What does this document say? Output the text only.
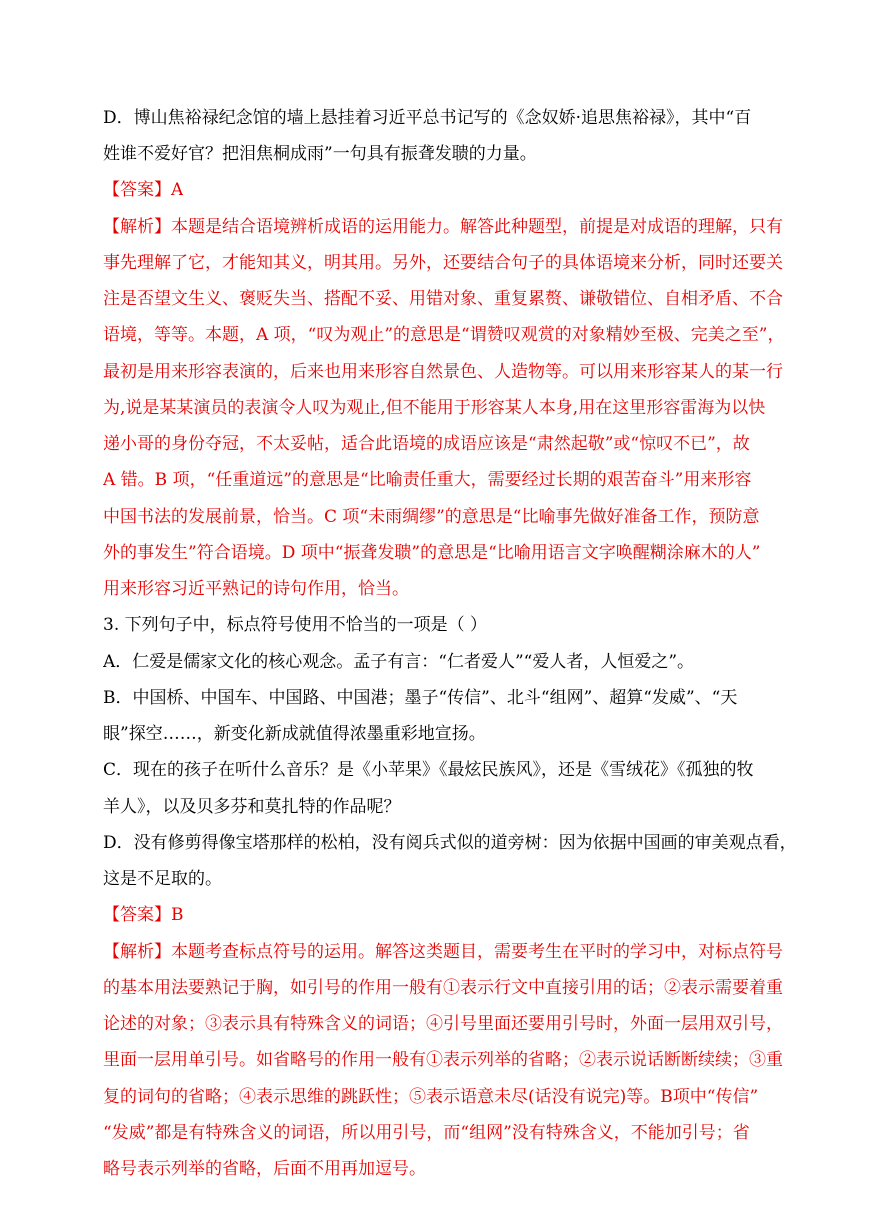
D．博山焦裕禄纪念馆的墙上悬挂着习近平总书记写的《念奴娇·追思焦裕禄》，其中“百
姓谁不爱好官？把泪焦桐成雨”一句具有振聋发聩的力量。
【答案】A
【解析】本题是结合语境辨析成语的运用能力。解答此种题型，前提是对成语的理解，只有
事先理解了它，才能知其义，明其用。另外，还要结合句子的具体语境来分析，同时还要关
注是否望文生义、褒贬失当、搭配不妥、用错对象、重复累赘、谦敬错位、自相矛盾、不合
语境，等等。本题，A 项，“叹为观止”的意思是“谓赞叹观赏的对象精妙至极、完美之至”，
最初是用来形容表演的，后来也用来形容自然景色、人造物等。可以用来形容某人的某一行
为,说是某某演员的表演令人叹为观止,但不能用于形容某人本身,用在这里形容雷海为以快
递小哥的身份夺冠，不太妥帖，适合此语境的成语应该是“肃然起敬”或“惊叹不已”，故
A 错。B 项，“任重道远”的意思是“比喻责任重大，需要经过长期的艰苦奋斗”用来形容
中国书法的发展前景，恰当。C 项“未雨绸缪”的意思是“比喻事先做好准备工作，预防意
外的事发生”符合语境。D 项中“振聋发聩”的意思是“比喻用语言文字唤醒糊涂麻木的人”
用来形容习近平熟记的诗句作用，恰当。
3. 下列句子中，标点符号使用不恰当的一项是（ ）
A．仁爱是儒家文化的核心观念。孟子有言：“仁者爱人”“爱人者，人恒爱之”。
B．中国桥、中国车、中国路、中国港；墨子“传信”、北斗“组网”、超算“发威”、“天
眼”探空……，新变化新成就值得浓墨重彩地宣扬。
C．现在的孩子在听什么音乐？是《小苹果》《最炫民族风》，还是《雪绒花》《孤独的牧
羊人》，以及贝多芬和莫扎特的作品呢？
D．没有修剪得像宝塔那样的松柏，没有阅兵式似的道旁树：因为依据中国画的审美观点看，
这是不足取的。
【答案】B
【解析】本题考查标点符号的运用。解答这类题目，需要考生在平时的学习中，对标点符号
的基本用法要熟记于胸，如引号的作用一般有①表示行文中直接引用的话；②表示需要着重
论述的对象；③表示具有特殊含义的词语；④引号里面还要用引号时，外面一层用双引号，
里面一层用单引号。如省略号的作用一般有①表示列举的省略；②表示说话断断续续；③重
复的词句的省略；④表示思维的跳跃性；⑤表示语意未尽(话没有说完)等。B项中“传信”
“发威”都是有特殊含义的词语，所以用引号，而“组网”没有特殊含义，不能加引号；省
略号表示列举的省略，后面不用再加逗号。
